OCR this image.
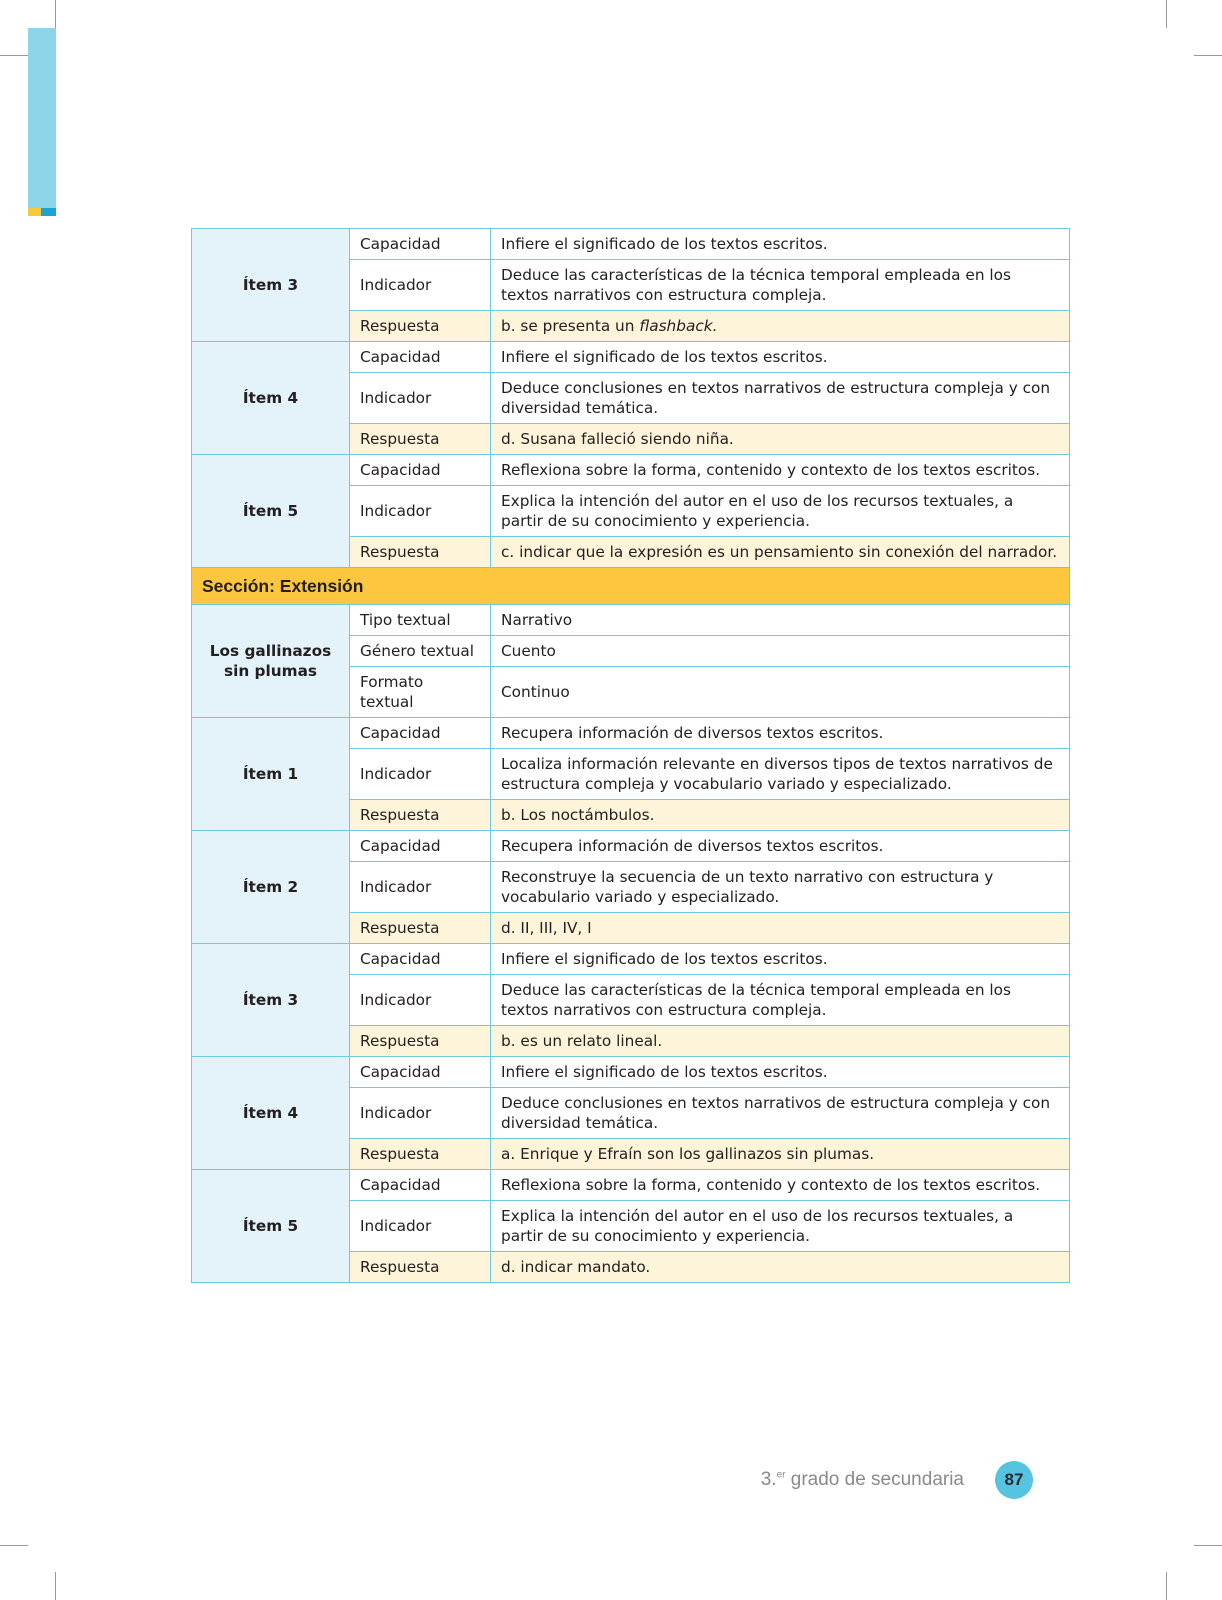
Ítem 3	Capacidad	Infiere el significado de los textos escritos.
	Indicador	Deduce las características de la técnica temporal empleada en los textos narrativos con estructura compleja.
	Respuesta	b. se presenta un flashback.
Ítem 4	Capacidad	Infiere el significado de los textos escritos.
	Indicador	Deduce conclusiones en textos narrativos de estructura compleja y con diversidad temática.
	Respuesta	d. Susana falleció siendo niña.
Ítem 5	Capacidad	Reflexiona sobre la forma, contenido y contexto de los textos escritos.
	Indicador	Explica la intención del autor en el uso de los recursos textuales, a partir de su conocimiento y experiencia.
	Respuesta	c. indicar que la expresión es un pensamiento sin conexión del narrador.
Sección: Extensión		
Los gallinazos sin plumas	Tipo textual	Narrativo
	Género textual	Cuento
	Formato textual	Continuo
Ítem 1	Capacidad	Recupera información de diversos textos escritos.
	Indicador	Localiza información relevante en diversos tipos de textos narrativos de estructura compleja y vocabulario variado y especializado.
	Respuesta	b. Los noctámbulos.
Ítem 2	Capacidad	Recupera información de diversos textos escritos.
	Indicador	Reconstruye la secuencia de un texto narrativo con estructura y vocabulario variado y especializado.
	Respuesta	d. II, III, IV, I
Ítem 3	Capacidad	Infiere el significado de los textos escritos.
	Indicador	Deduce las características de la técnica temporal empleada en los textos narrativos con estructura compleja.
	Respuesta	b. es un relato lineal.
Ítem 4	Capacidad	Infiere el significado de los textos escritos.
	Indicador	Deduce conclusiones en textos narrativos de estructura compleja y con diversidad temática.
	Respuesta	a. Enrique y Efraín son los gallinazos sin plumas.
Ítem 5	Capacidad	Reflexiona sobre la forma, contenido y contexto de los textos escritos.
	Indicador	Explica la intención del autor en el uso de los recursos textuales, a partir de su conocimiento y experiencia.
	Respuesta	d. indicar mandato.
3.$^{er}$ grado de secundaria	87
